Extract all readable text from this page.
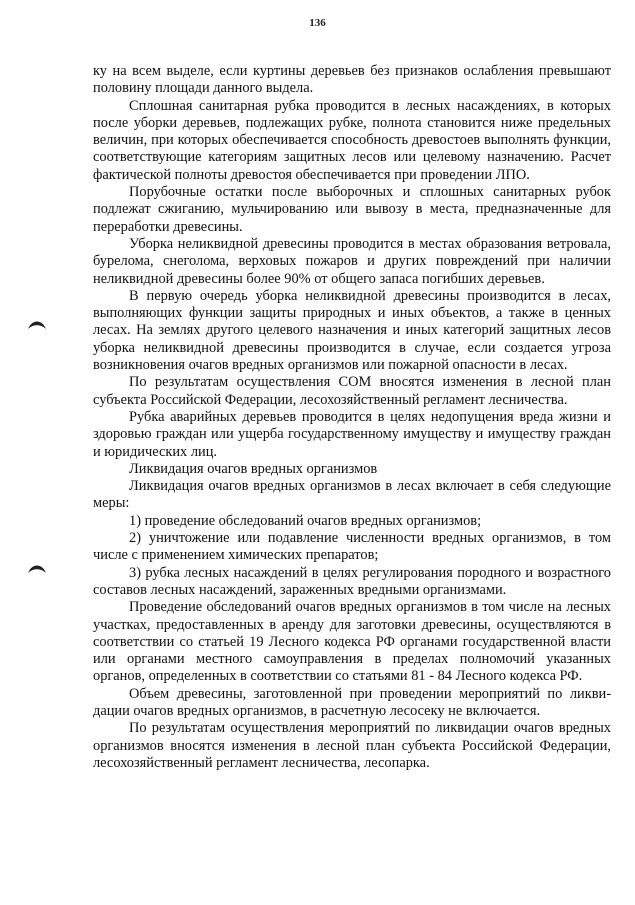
136

ку на всем выделе, если куртины деревьев без признаков ослабления превышают половину площади данного выдела.

Сплошная санитарная рубка проводится в лесных насаждениях, в которых после уборки деревьев, подлежащих рубке, полнота становится ниже предельных величин, при которых обеспечивается способность древостоев выполнять функции, соответствующие категориям защитных лесов или целевому назначению. Расчет фактической полноты древостоя обеспечивается при проведении ЛПО.

Порубочные остатки после выборочных и сплошных санитарных рубок подлежат сжиганию, мульчированию или вывозу в места, предназначенные для переработки древесины.

Уборка неликвидной древесины проводится в местах образования ветровала, бурелома, снеголома, верховых пожаров и других повреждений при наличии неликвидной древесины более 90% от общего запаса погибших деревьев.

В первую очередь уборка неликвидной древесины производится в лесах, выполняющих функции защиты природных и иных объектов, а также в ценных лесах. На землях другого целевого назначения и иных категорий защитных лесов уборка неликвидной древесины производится в случае, если создается угроза возникновения очагов вредных организмов или пожарной опасности в лесах.

По результатам осуществления СОМ вносятся изменения в лесной план субъекта Российской Федерации, лесохозяйственный регламент лесничества.

Рубка аварийных деревьев проводится в целях недопущения вреда жизни и здоровью граждан или ущерба государственному имуществу и имуществу граждан и юридических лиц.

Ликвидация очагов вредных организмов

Ликвидация очагов вредных организмов в лесах включает в себя следующие меры:

1) проведение обследований очагов вредных организмов;

2) уничтожение или подавление численности вредных организмов, в том числе с применением химических препаратов;

3) рубка лесных насаждений в целях регулирования породного и возрастного составов лесных насаждений, зараженных вредными организмами.

Проведение обследований очагов вредных организмов в том числе на лесных участках, предоставленных в аренду для заготовки древесины, осуществляются в соответствии со статьей 19 Лесного кодекса РФ органами государственной власти или органами местного самоуправления в пределах полномочий указанных органов, определенных в соответствии со статьями 81 - 84 Лесного кодекса РФ.

Объем древесины, заготовленной при проведении мероприятий по ликвидации очагов вредных организмов, в расчетную лесосеку не включается.

По результатам осуществления мероприятий по ликвидации очагов вредных организмов вносятся изменения в лесной план субъекта Российской Федерации, лесохозяйственный регламент лесничества, лесопарка.
